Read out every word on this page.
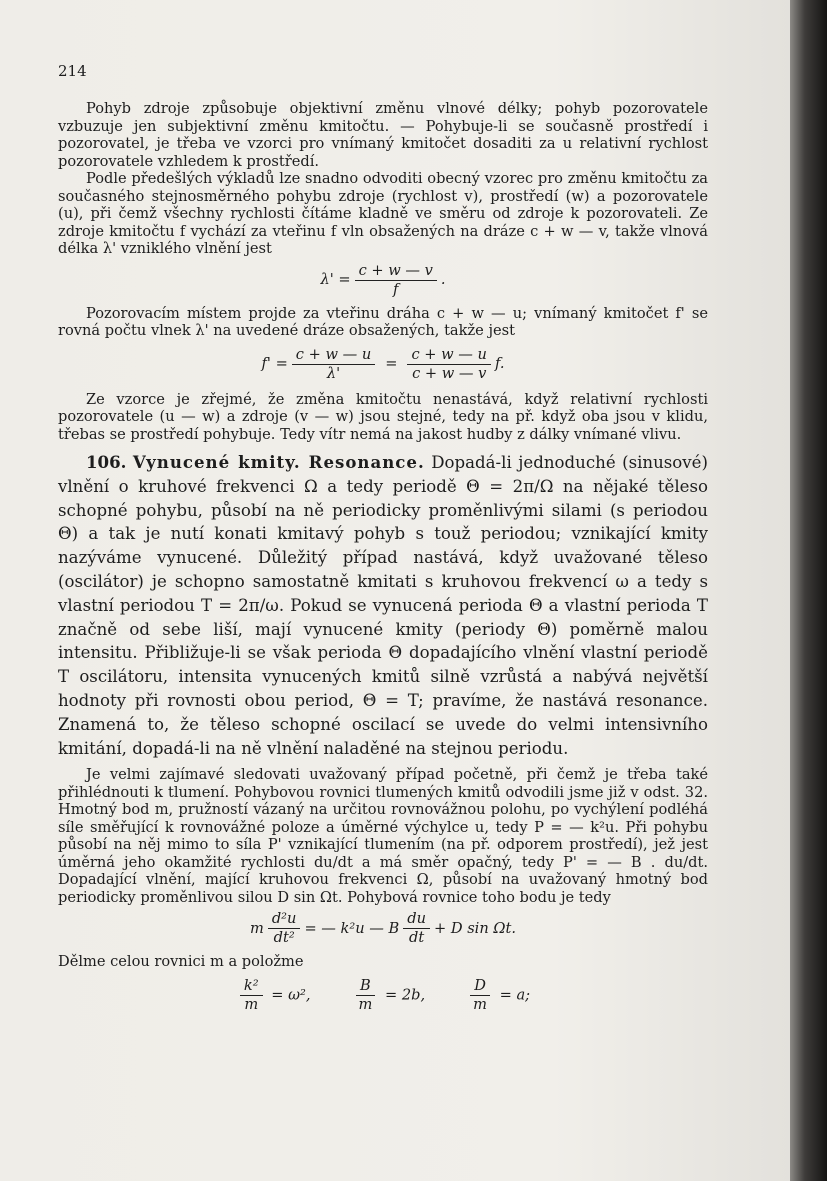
214

Pohyb zdroje způsobuje objektivní změnu vlnové délky; pohyb pozorovatele vzbuzuje jen subjektivní změnu kmitočtu. — Pohybuje-li se současně prostředí i pozorovatel, je třeba ve vzorci pro vnímaný kmitočet dosaditi za u relativní rychlost pozorovatele vzhledem k prostředí.

Podle předešlých výkladů lze snadno odvoditi obecný vzorec pro změnu kmitočtu za současného stejnosměrného pohybu zdroje (rychlost v), prostředí (w) a pozorovatele (u), při čemž všechny rychlosti čítáme kladně ve směru od zdroje k pozorovateli. Ze zdroje kmitočtu f vychází za vteřinu f vln obsažených na dráze c + w — v, takže vlnová délka λ' vzniklého vlnění jest

$\lambda' = \frac{c + w — v}{f}$ .

Pozorovacím místem projde za vteřinu dráha c + w — u; vnímaný kmitočet f' se rovná počtu vlnek λ' na uvedené dráze obsažených, takže jest

$f' = \frac{c + w — u}{\lambda'} = \frac{c + w — u}{c + w — v} f$.

Ze vzorce je zřejmé, že změna kmitočtu nenastává, když relativní rychlosti pozorovatele (u — w) a zdroje (v — w) jsou stejné, tedy na př. když oba jsou v klidu, třebas se prostředí pohybuje. Tedy vítr nemá na jakost hudby z dálky vnímané vlivu.

106. Vynucené kmity. Resonance. Dopadá-li jednoduché (sinusové) vlnění o kruhové frekvenci Ω a tedy periodě Θ = 2π/Ω na nějaké těleso schopné pohybu, působí na ně periodicky proměnlivými silami (s periodou Θ) a tak je nutí konati kmitavý pohyb s touž periodou; vznikající kmity nazýváme vynucené. Důležitý případ nastává, když uvažované těleso (oscilátor) je schopno samostatně kmitati s kruhovou frekvencí ω a tedy s vlastní periodou T = 2π/ω. Pokud se vynucená perioda Θ a vlastní perioda T značně od sebe liší, mají vynucené kmity (periody Θ) poměrně malou intensitu. Přibližuje-li se však perioda Θ dopadajícího vlnění vlastní periodě T oscilátoru, intensita vynucených kmitů silně vzrůstá a nabývá největší hodnoty při rovnosti obou period, Θ = T; pravíme, že nastává resonance. Znamená to, že těleso schopné oscilací se uvede do velmi intensivního kmitání, dopadá-li na ně vlnění naladěné na stejnou periodu.

Je velmi zajímavé sledovati uvažovaný případ početně, při čemž je třeba také přihlédnouti k tlumení. Pohybovou rovnici tlumených kmitů odvodili jsme již v odst. 32. Hmotný bod m, pružností vázaný na určitou rovnovážnou polohu, po vychýlení podléhá síle směřující k rovnovážné poloze a úměrné výchylce u, tedy P = — k²u. Při pohybu působí na něj mimo to síla P' vznikající tlumením (na př. odporem prostředí), jež jest úměrná jeho okamžité rychlosti du/dt a má směr opačný, tedy P' = — B . du/dt. Dopadající vlnění, mající kruhovou frekvenci Ω, působí na uvažovaný hmotný bod periodicky proměnlivou silou D sin Ωt. Pohybová rovnice toho bodu je tedy

m $\frac{\text{d²u}}{\text{dt²}}$ = — k²u — B $\frac{du}{dt} + D$ sin Ωt.

Dělme celou rovnici m a položme

$\frac{\text{k²}}{m} = \omega^2$,	$\frac{B}{m} = 2b$,	$\frac{D}{m} = a$;
